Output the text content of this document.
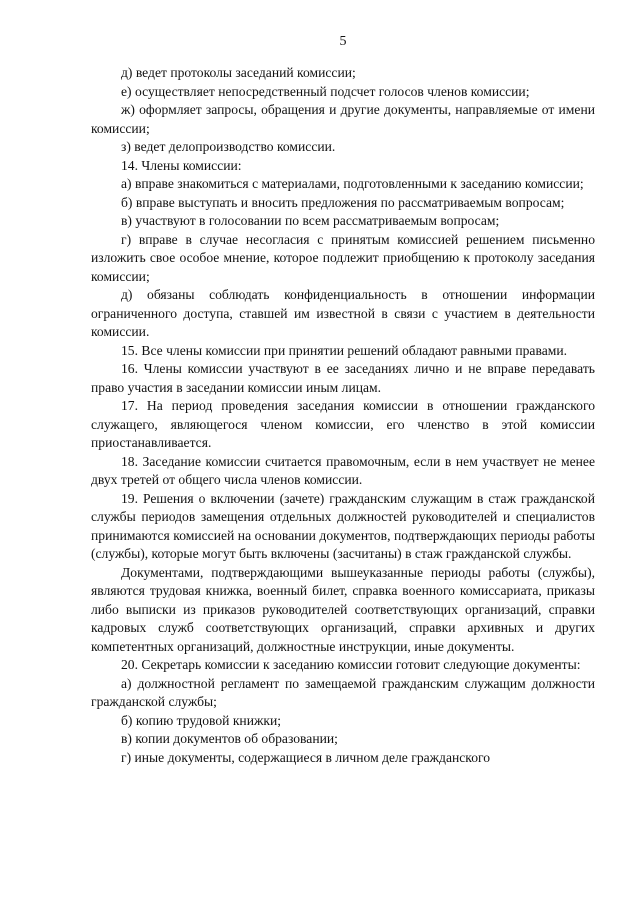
5

д) ведет протоколы заседаний комиссии;

е) осуществляет непосредственный подсчет голосов членов комиссии;

ж) оформляет запросы, обращения и другие документы, направляемые от имени комиссии;

з) ведет делопроизводство комиссии.

14. Члены комиссии:

а) вправе знакомиться с материалами, подготовленными к заседанию комиссии;

б) вправе выступать и вносить предложения по рассматриваемым вопросам;

в) участвуют в голосовании по всем рассматриваемым вопросам;

г) вправе в случае несогласия с принятым комиссией решением письменно изложить свое особое мнение, которое подлежит приобщению к протоколу заседания комиссии;

д) обязаны соблюдать конфиденциальность в отношении информации ограниченного доступа, ставшей им известной в связи с участием в деятельности комиссии.

15. Все члены комиссии при принятии решений обладают равными правами.

16. Члены комиссии участвуют в ее заседаниях лично и не вправе передавать право участия в заседании комиссии иным лицам.

17. На период проведения заседания комиссии в отношении гражданского служащего, являющегося членом комиссии, его членство в этой комиссии приостанавливается.

18. Заседание комиссии считается правомочным, если в нем участвует не менее двух третей от общего числа членов комиссии.

19. Решения о включении (зачете) гражданским служащим в стаж гражданской службы периодов замещения отдельных должностей руководителей и специалистов принимаются комиссией на основании документов, подтверждающих периоды работы (службы), которые могут быть включены (засчитаны) в стаж гражданской службы.

Документами, подтверждающими вышеуказанные периоды работы (службы), являются трудовая книжка, военный билет, справка военного комиссариата, приказы либо выписки из приказов руководителей соответствующих организаций, справки кадровых служб соответствующих организаций, справки архивных и других компетентных организаций, должностные инструкции, иные документы.

20. Секретарь комиссии к заседанию комиссии готовит следующие документы:

а) должностной регламент по замещаемой гражданским служащим должности гражданской службы;

б) копию трудовой книжки;

в) копии документов об образовании;

г) иные документы, содержащиеся в личном деле гражданского
